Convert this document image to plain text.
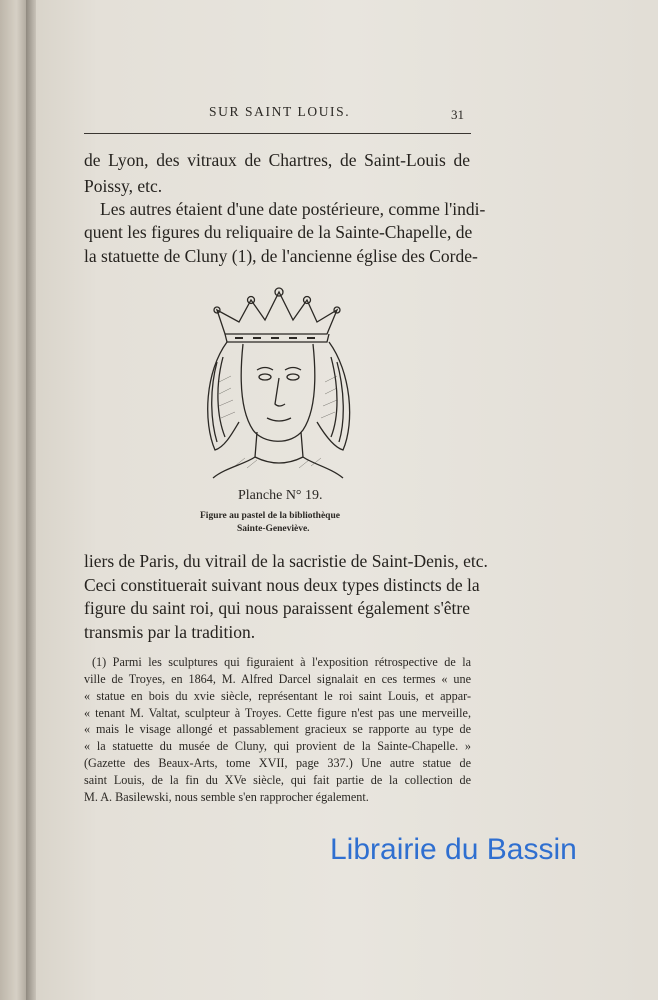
SUR SAINT LOUIS.	31
de Lyon, des vitraux de Chartres, de Saint-Louis de
Poissy, etc.
Les autres étaient d'une date postérieure, comme l'indi-
quent les figures du reliquaire de la Sainte-Chapelle, de
la statuette de Cluny (1), de l'ancienne église des Corde-
Planche N° 19.
Figure au pastel de la bibliothèque
Sainte-Geneviève.
liers de Paris, du vitrail de la sacristie de Saint-Denis, etc.
Ceci constituerait suivant nous deux types distincts de la
figure du saint roi, qui nous paraissent également s'être
transmis par la tradition.
(1) Parmi les sculptures qui figuraient à l'exposition rétrospective de la
ville de Troyes, en 1864, M. Alfred Darcel signalait en ces termes « une
« statue en bois du xvie siècle, représentant le roi saint Louis, et appar-
« tenant M. Valtat, sculpteur à Troyes. Cette figure n'est pas une merveille,
« mais le visage allongé et passablement gracieux se rapporte au type de
« la statuette du musée de Cluny, qui provient de la Sainte-Chapelle. »
(Gazette des Beaux-Arts, tome XVII, page 337.) Une autre statue de
saint Louis, de la fin du XVe siècle, qui fait partie de la collection de
M. A. Basilewski, nous semble s'en rapprocher également.
Librairie du Bassin
